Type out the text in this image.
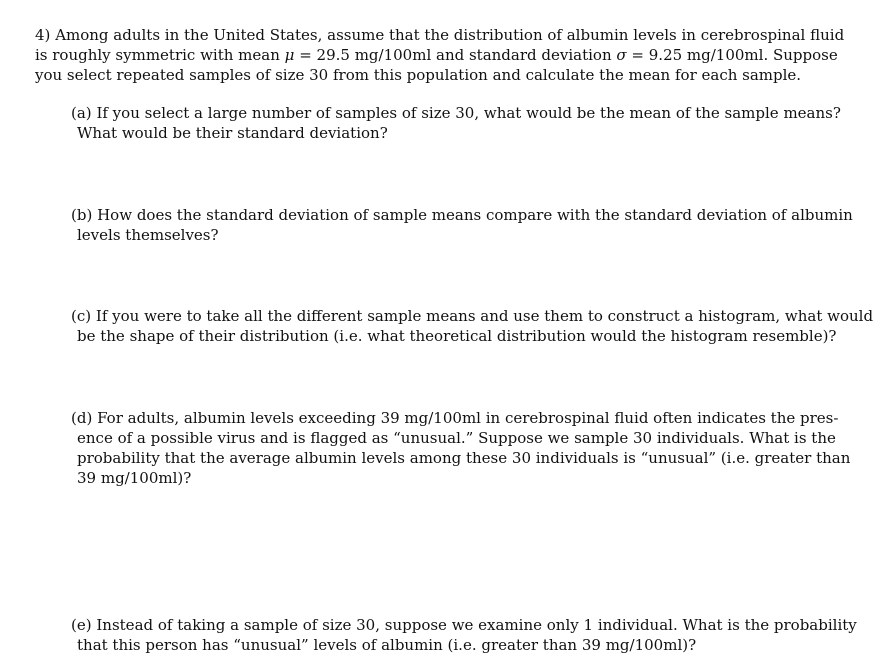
4) Among adults in the United States, assume that the distribution of albumin levels in cerebrospinal fluid
is roughly symmetric with mean μ = 29.5 mg/100ml and standard deviation σ = 9.25 mg/100ml. Suppose
you select repeated samples of size 30 from this population and calculate the mean for each sample.
(a) If you select a large number of samples of size 30, what would be the mean of the sample means?
What would be their standard deviation?
(b) How does the standard deviation of sample means compare with the standard deviation of albumin
levels themselves?
(c) If you were to take all the different sample means and use them to construct a histogram, what would
be the shape of their distribution (i.e. what theoretical distribution would the histogram resemble)?
(d) For adults, albumin levels exceeding 39 mg/100ml in cerebrospinal fluid often indicates the pres-
ence of a possible virus and is flagged as “unusual.” Suppose we sample 30 individuals. What is the
probability that the average albumin levels among these 30 individuals is “unusual” (i.e. greater than
39 mg/100ml)?
(e) Instead of taking a sample of size 30, suppose we examine only 1 individual. What is the probability
that this person has “unusual” levels of albumin (i.e. greater than 39 mg/100ml)?
